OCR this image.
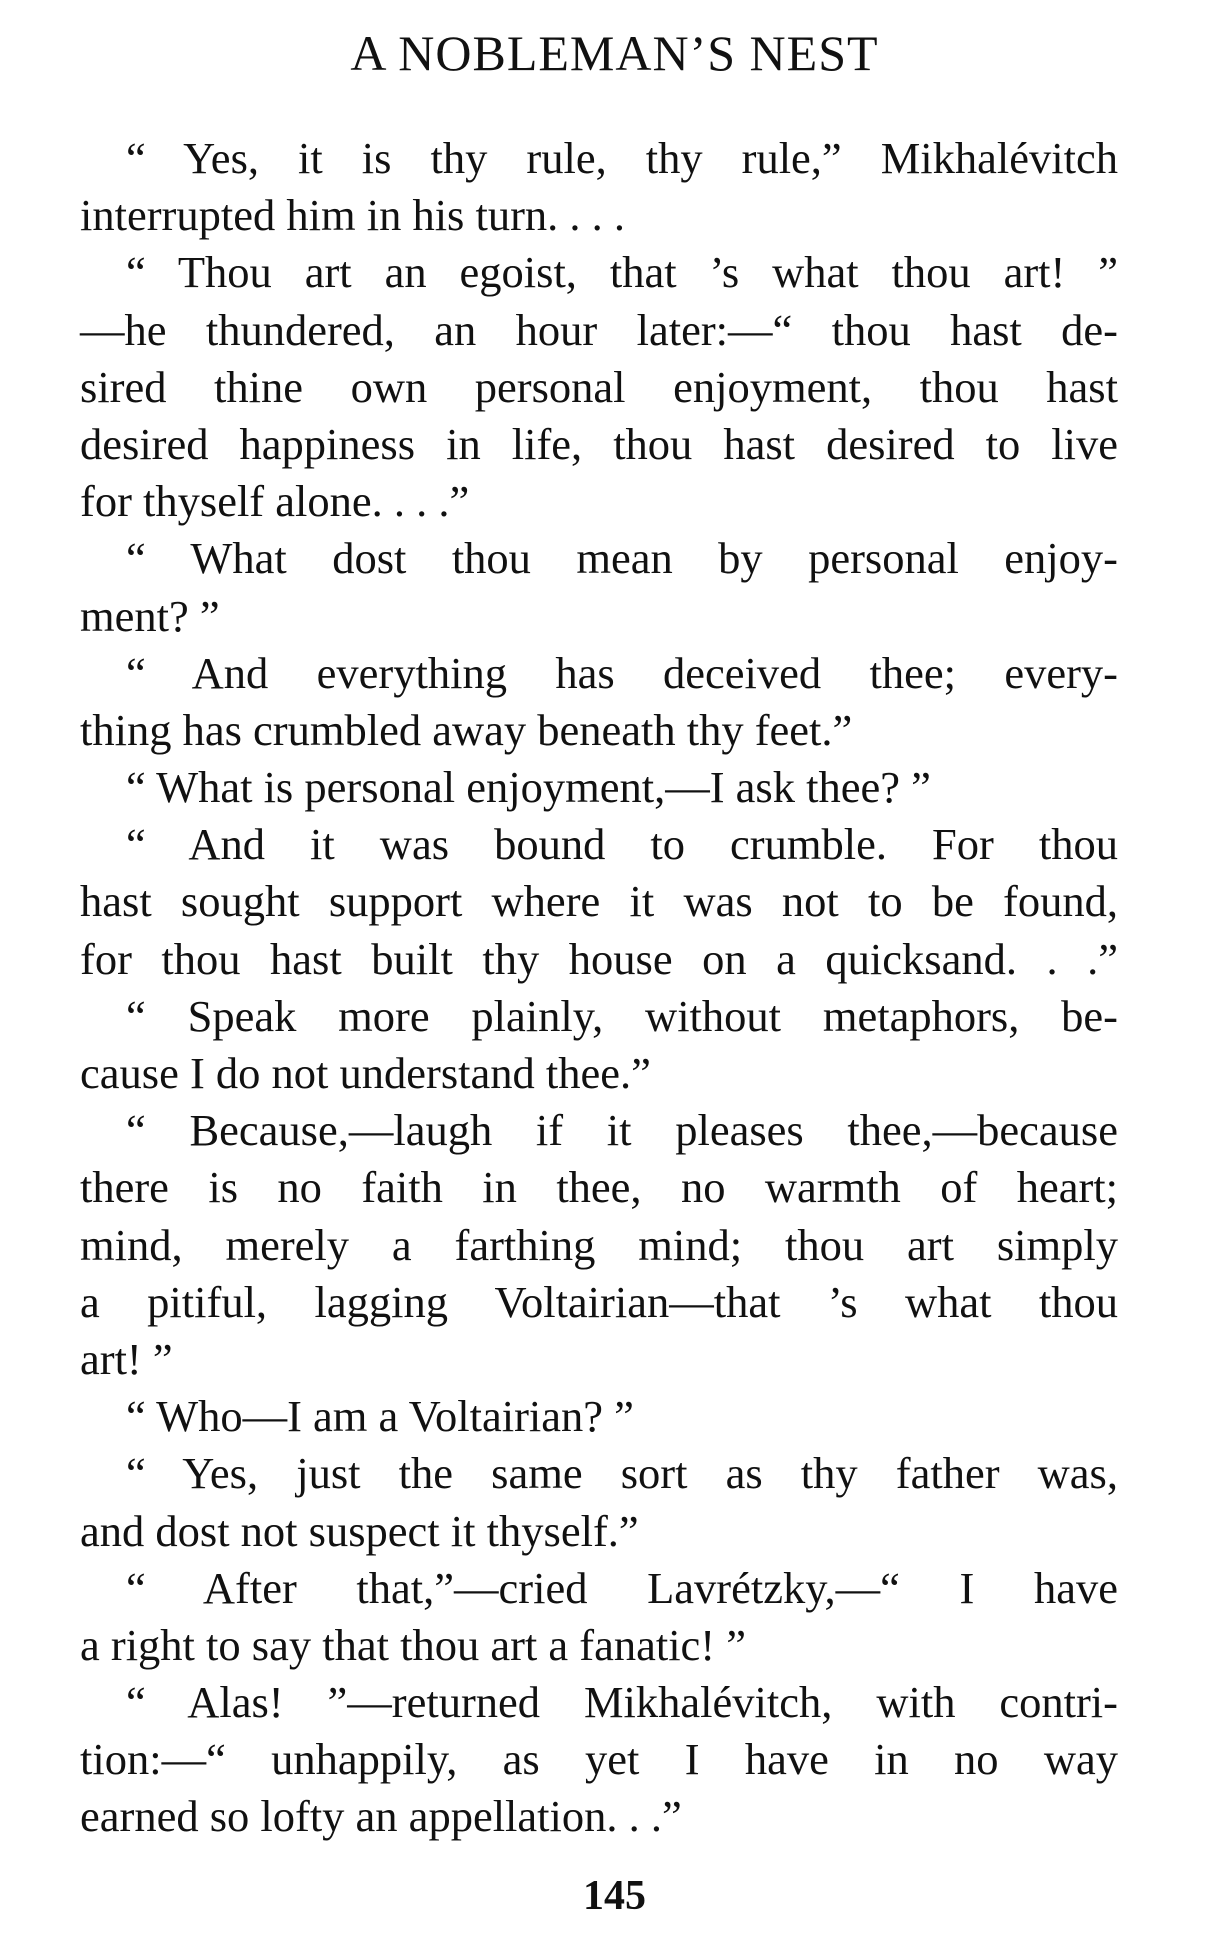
A NOBLEMAN’S NEST
“ Yes, it is thy rule, thy rule,” Mikhalévitch
interrupted him in his turn. . . .
“ Thou art an egoist, that ’s what thou art! ”
—he thundered, an hour later:—“ thou hast de-
sired thine own personal enjoyment, thou hast
desired happiness in life, thou hast desired to live
for thyself alone. . . .”
“ What dost thou mean by personal enjoy-
ment? ”
“ And everything has deceived thee; every-
thing has crumbled away beneath thy feet.”
“ What is personal enjoyment,—I ask thee? ”
“ And it was bound to crumble. For thou
hast sought support where it was not to be found,
for thou hast built thy house on a quicksand. . .”
“ Speak more plainly, without metaphors, be-
cause I do not understand thee.”
“ Because,—laugh if it pleases thee,—because
there is no faith in thee, no warmth of heart;
mind, merely a farthing mind; thou art simply
a pitiful, lagging Voltairian—that ’s what thou
art! ”
“ Who—I am a Voltairian? ”
“ Yes, just the same sort as thy father was,
and dost not suspect it thyself.”
“ After that,”—cried Lavrétzky,—“ I have
a right to say that thou art a fanatic! ”
“ Alas! ”—returned Mikhalévitch, with contri-
tion:—“ unhappily, as yet I have in no way
earned so lofty an appellation. . .”
145
